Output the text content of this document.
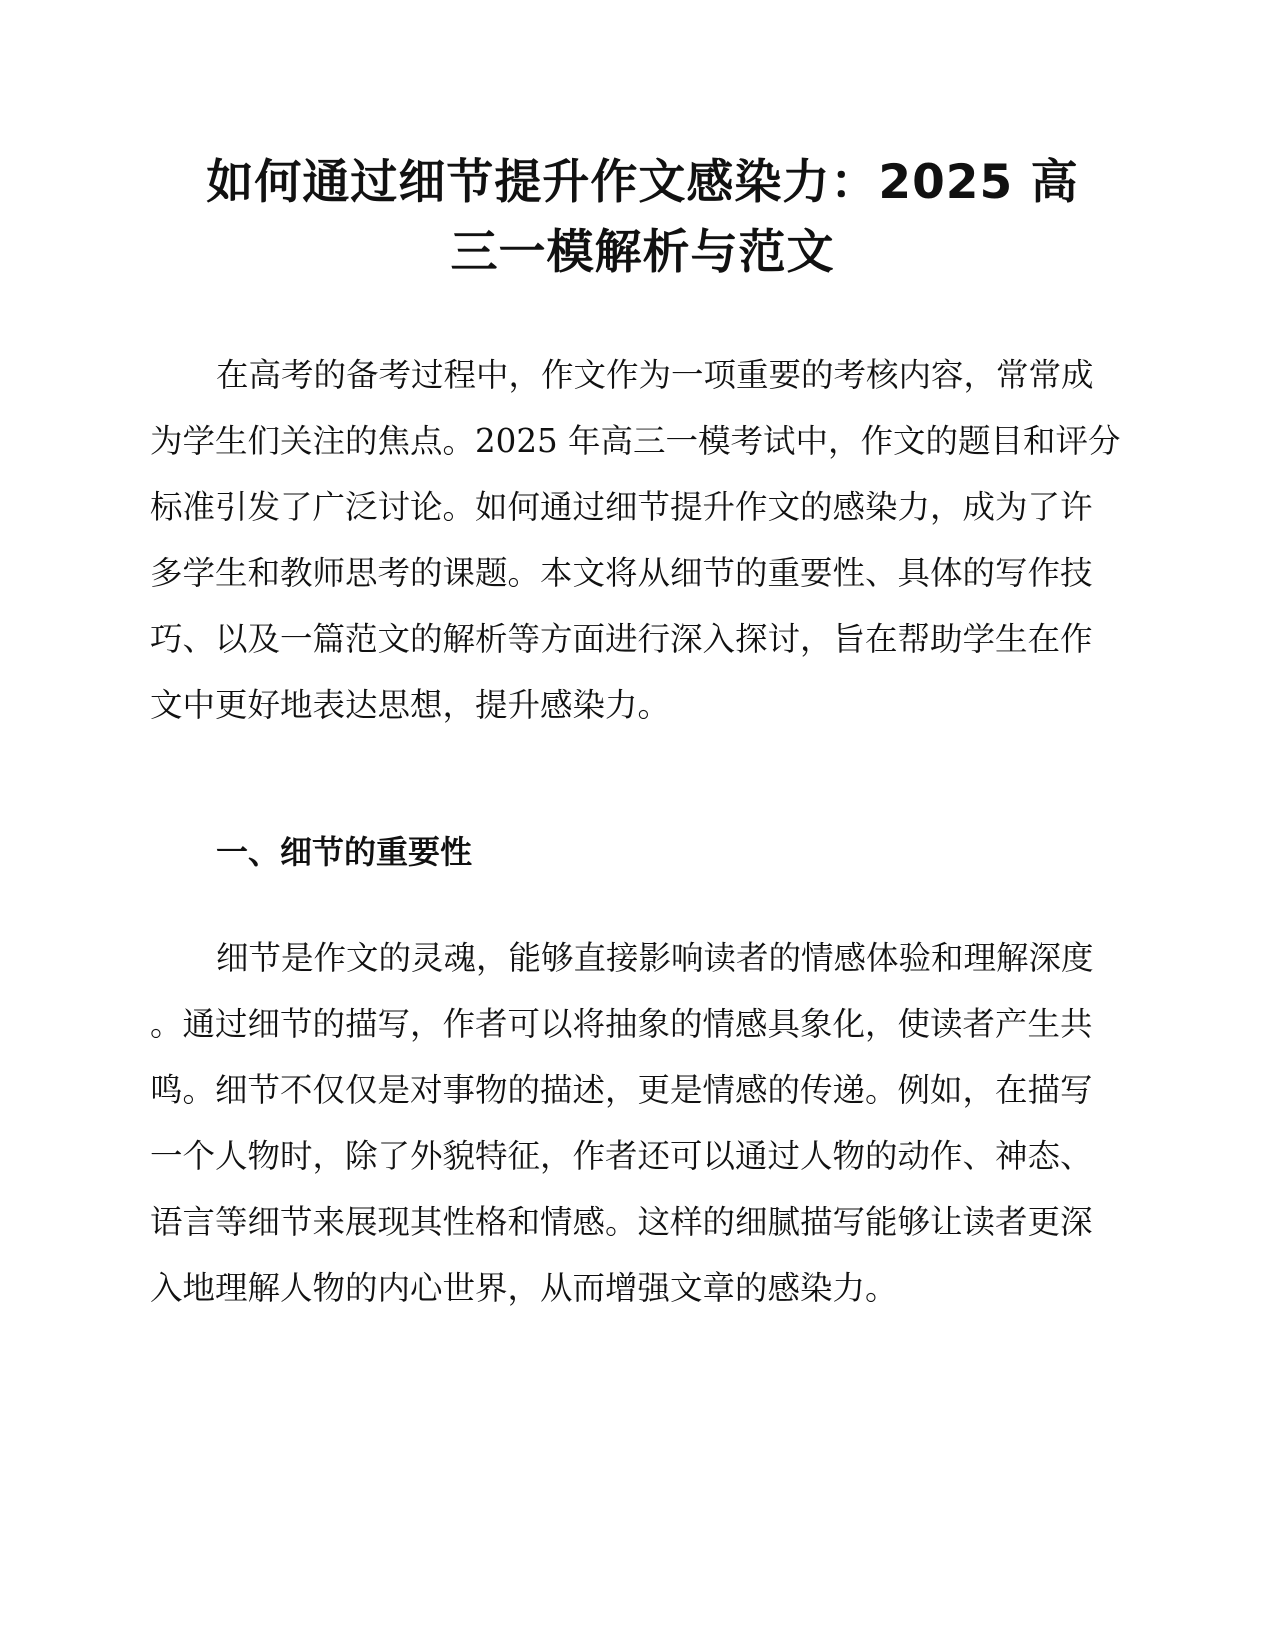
如何通过细节提升作文感染力：2025 高
三一模解析与范文

在高考的备考过程中，作文作为一项重要的考核内容，常常成
为学生们关注的焦点。2025 年高三一模考试中，作文的题目和评分
标准引发了广泛讨论。如何通过细节提升作文的感染力，成为了许
多学生和教师思考的课题。本文将从细节的重要性、具体的写作技
巧、以及一篇范文的解析等方面进行深入探讨，旨在帮助学生在作
文中更好地表达思想，提升感染力。

一、细节的重要性

细节是作文的灵魂，能够直接影响读者的情感体验和理解深度
。通过细节的描写，作者可以将抽象的情感具象化，使读者产生共
鸣。细节不仅仅是对事物的描述，更是情感的传递。例如，在描写
一个人物时，除了外貌特征，作者还可以通过人物的动作、神态、
语言等细节来展现其性格和情感。这样的细腻描写能够让读者更深
入地理解人物的内心世界，从而增强文章的感染力。
